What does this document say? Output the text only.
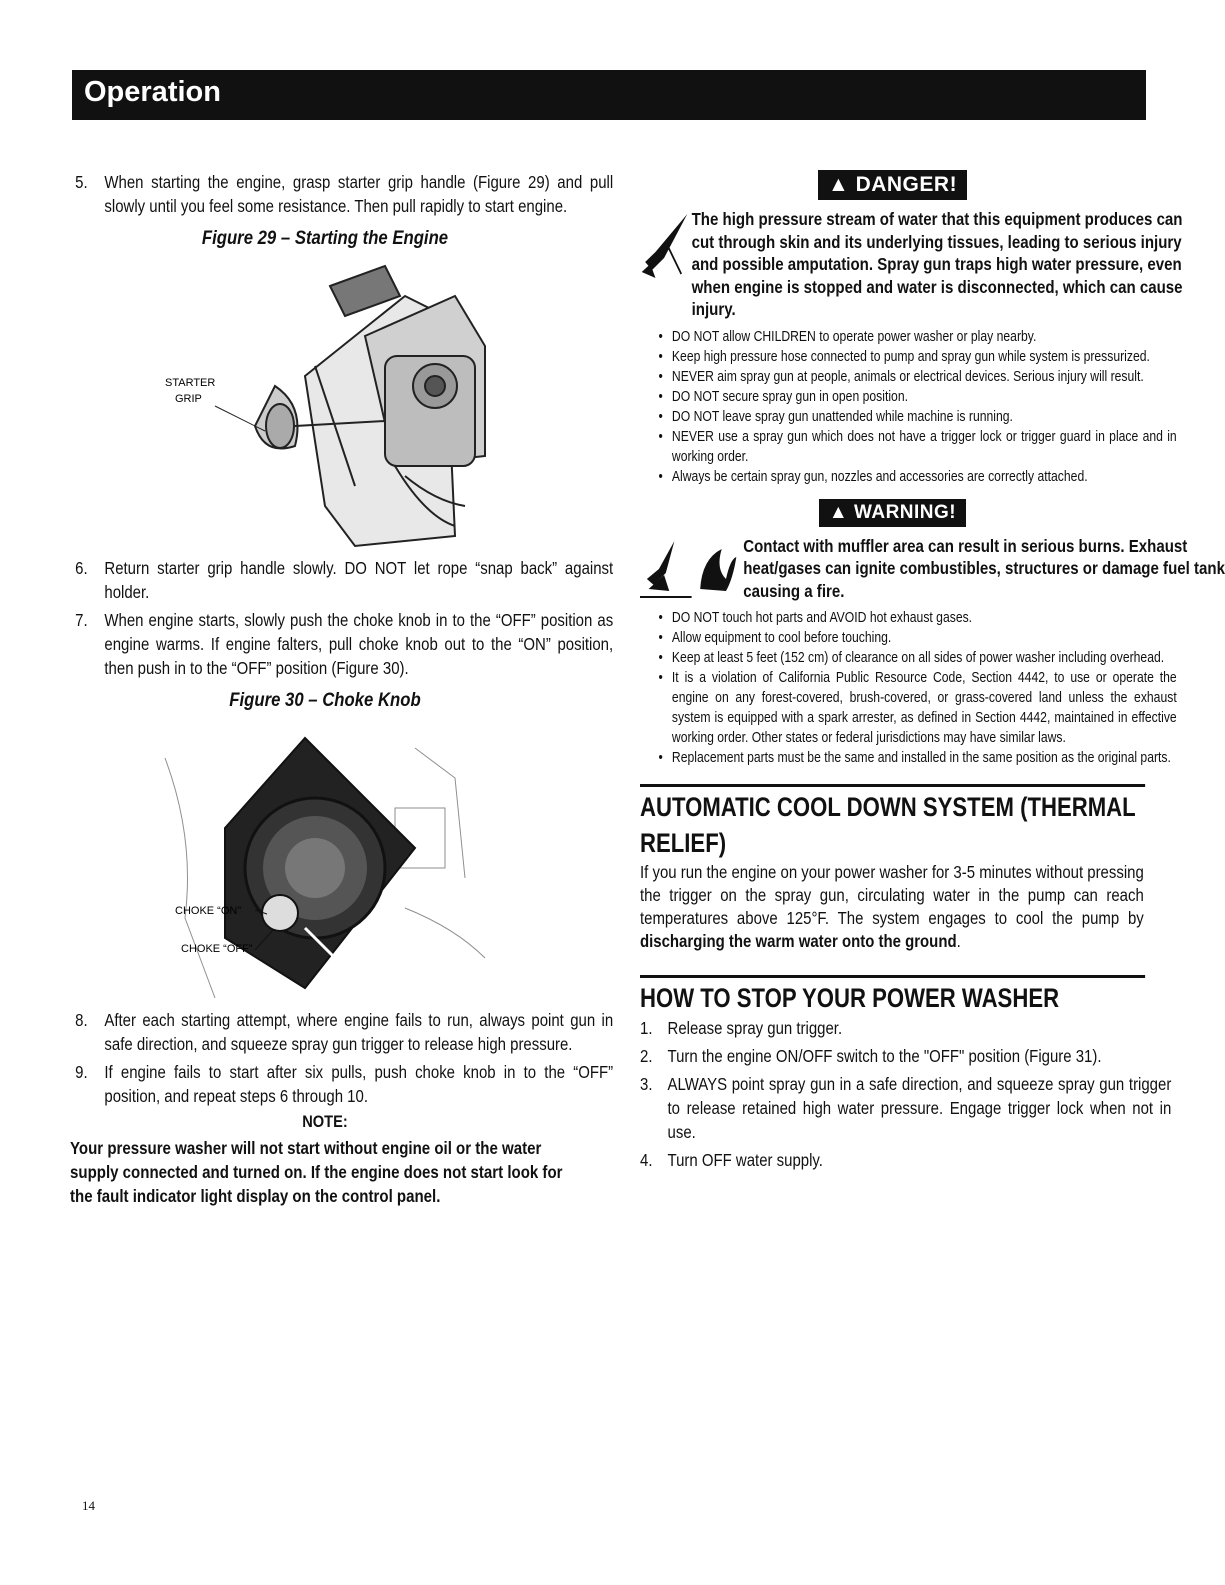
Operation
5. When starting the engine, grasp starter grip handle (Figure 29) and pull slowly until you feel some resistance. Then pull rapidly to start engine.
Figure 29 – Starting the Engine
STARTER
GRIP
6. Return starter grip handle slowly. DO NOT let rope “snap back” against holder.
7. When engine starts, slowly push the choke knob in to the “OFF” position as engine warms. If engine falters, pull choke knob out to the “ON” position, then push in to the “OFF” position (Figure 30).
Figure 30 – Choke Knob
CHOKE “ON”
CHOKE “OFF”
8. After each starting attempt, where engine fails to run, always point gun in safe direction, and squeeze spray gun trigger to release high pressure.
9. If engine fails to start after six pulls, push choke knob in to the “OFF” position, and repeat steps 6 through 10.
NOTE:
Your pressure washer will not start without engine oil or the water supply connected and turned on. If the engine does not start look for the fault indicator light display on the control panel.
▲ DANGER!
The high pressure stream of water that this equipment produces can cut through skin and its underlying tissues, leading to serious injury and possible amputation. Spray gun traps high water pressure, even when engine is stopped and water is disconnected, which can cause injury.
• DO NOT allow CHILDREN to operate power washer or play nearby.
• Keep high pressure hose connected to pump and spray gun while system is pressurized.
• NEVER aim spray gun at people, animals or electrical devices. Serious injury will result.
• DO NOT secure spray gun in open position.
• DO NOT leave spray gun unattended while machine is running.
• NEVER use a spray gun which does not have a trigger lock or trigger guard in place and in working order.
• Always be certain spray gun, nozzles and accessories are correctly attached.
▲ WARNING!
Contact with muffler area can result in serious burns. Exhaust heat/gases can ignite combustibles, structures or damage fuel tank causing a fire.
• DO NOT touch hot parts and AVOID hot exhaust gases.
• Allow equipment to cool before touching.
• Keep at least 5 feet (152 cm) of clearance on all sides of power washer including overhead.
• It is a violation of California Public Resource Code, Section 4442, to use or operate the engine on any forest-covered, brush-covered, or grass-covered land unless the exhaust system is equipped with a spark arrester, as defined in Section 4442, maintained in effective working order. Other states or federal jurisdictions may have similar laws.
• Replacement parts must be the same and installed in the same position as the original parts.
AUTOMATIC COOL DOWN SYSTEM (THERMAL RELIEF)
If you run the engine on your power washer for 3-5 minutes without pressing the trigger on the spray gun, circulating water in the pump can reach temperatures above 125°F. The system engages to cool the pump by discharging the warm water onto the ground.
HOW TO STOP YOUR POWER WASHER
1. Release spray gun trigger.
2. Turn the engine ON/OFF switch to the "OFF" position (Figure 31).
3. ALWAYS point spray gun in a safe direction, and squeeze spray gun trigger to release retained high water pressure. Engage trigger lock when not in use.
4. Turn OFF water supply.
14
